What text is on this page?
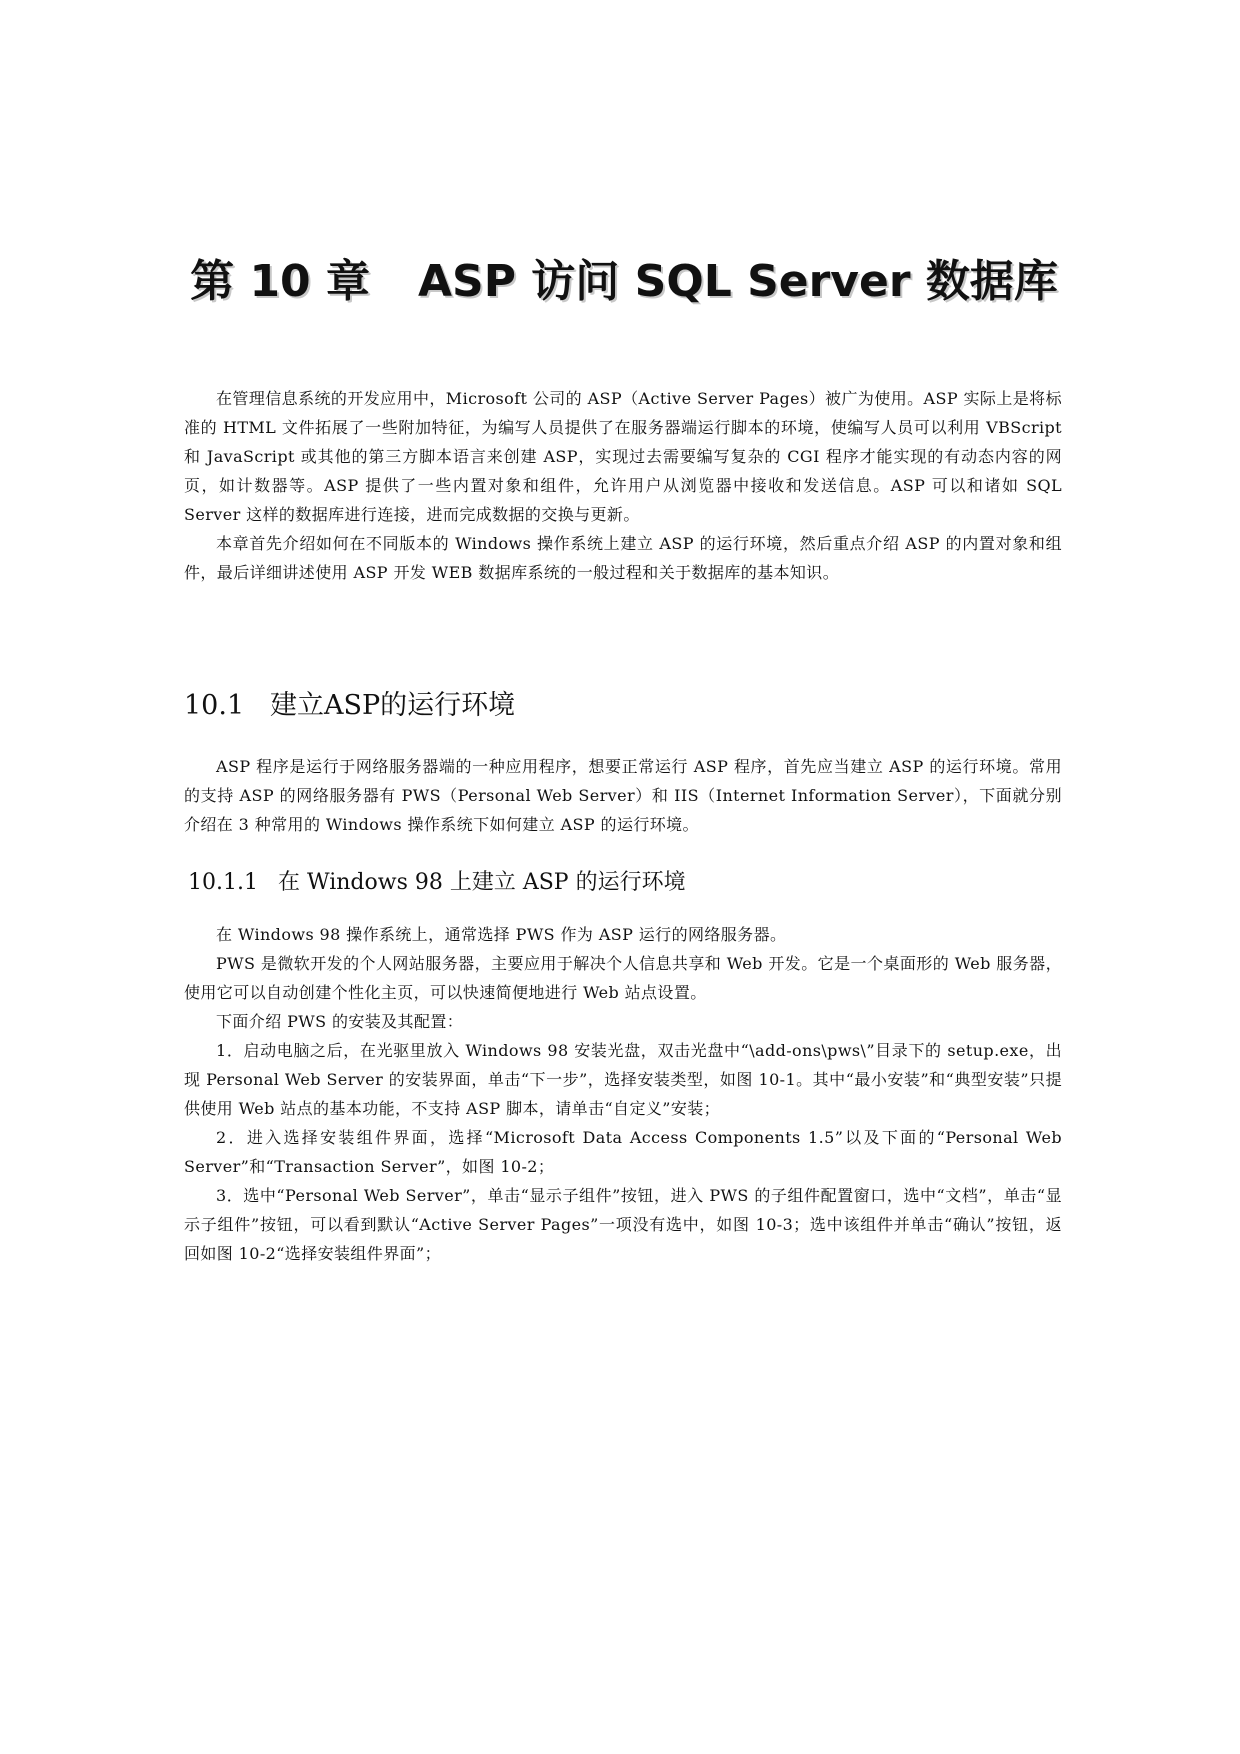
第 10 章 ASP 访问 SQL Server 数据库

在管理信息系统的开发应用中，Microsoft 公司的 ASP（Active Server Pages）被广为使用。ASP 实际上是将标准的 HTML 文件拓展了一些附加特征，为编写人员提供了在服务器端运行脚本的环境，使编写人员可以利用 VBScript 和 JavaScript 或其他的第三方脚本语言来创建 ASP，实现过去需要编写复杂的 CGI 程序才能实现的有动态内容的网页，如计数器等。ASP 提供了一些内置对象和组件，允许用户从浏览器中接收和发送信息。ASP 可以和诸如 SQL Server 这样的数据库进行连接，进而完成数据的交换与更新。

本章首先介绍如何在不同版本的 Windows 操作系统上建立 ASP 的运行环境，然后重点介绍 ASP 的内置对象和组件，最后详细讲述使用 ASP 开发 WEB 数据库系统的一般过程和关于数据库的基本知识。

10.1 建立ASP的运行环境

ASP 程序是运行于网络服务器端的一种应用程序，想要正常运行 ASP 程序，首先应当建立 ASP 的运行环境。常用的支持 ASP 的网络服务器有 PWS（Personal Web Server）和 IIS（Internet Information Server），下面就分别介绍在 3 种常用的 Windows 操作系统下如何建立 ASP 的运行环境。

10.1.1 在 Windows 98 上建立 ASP 的运行环境

在 Windows 98 操作系统上，通常选择 PWS 作为 ASP 运行的网络服务器。

PWS 是微软开发的个人网站服务器，主要应用于解决个人信息共享和 Web 开发。它是一个桌面形的 Web 服务器，使用它可以自动创建个性化主页，可以快速简便地进行 Web 站点设置。

下面介绍 PWS 的安装及其配置：

1．启动电脑之后，在光驱里放入 Windows 98 安装光盘，双击光盘中“\add-ons\pws\”目录下的 setup.exe，出现 Personal Web Server 的安装界面，单击“下一步”，选择安装类型，如图 10-1。其中“最小安装”和“典型安装”只提供使用 Web 站点的基本功能，不支持 ASP 脚本，请单击“自定义”安装；

2．进入选择安装组件界面，选择“Microsoft Data Access Components 1.5”以及下面的“Personal Web Server”和“Transaction Server”，如图 10-2；

3．选中“Personal Web Server”，单击“显示子组件”按钮，进入 PWS 的子组件配置窗口，选中“文档”，单击“显示子组件”按钮，可以看到默认“Active Server Pages”一项没有选中，如图 10-3；选中该组件并单击“确认”按钮，返回如图 10-2“选择安装组件界面”；
